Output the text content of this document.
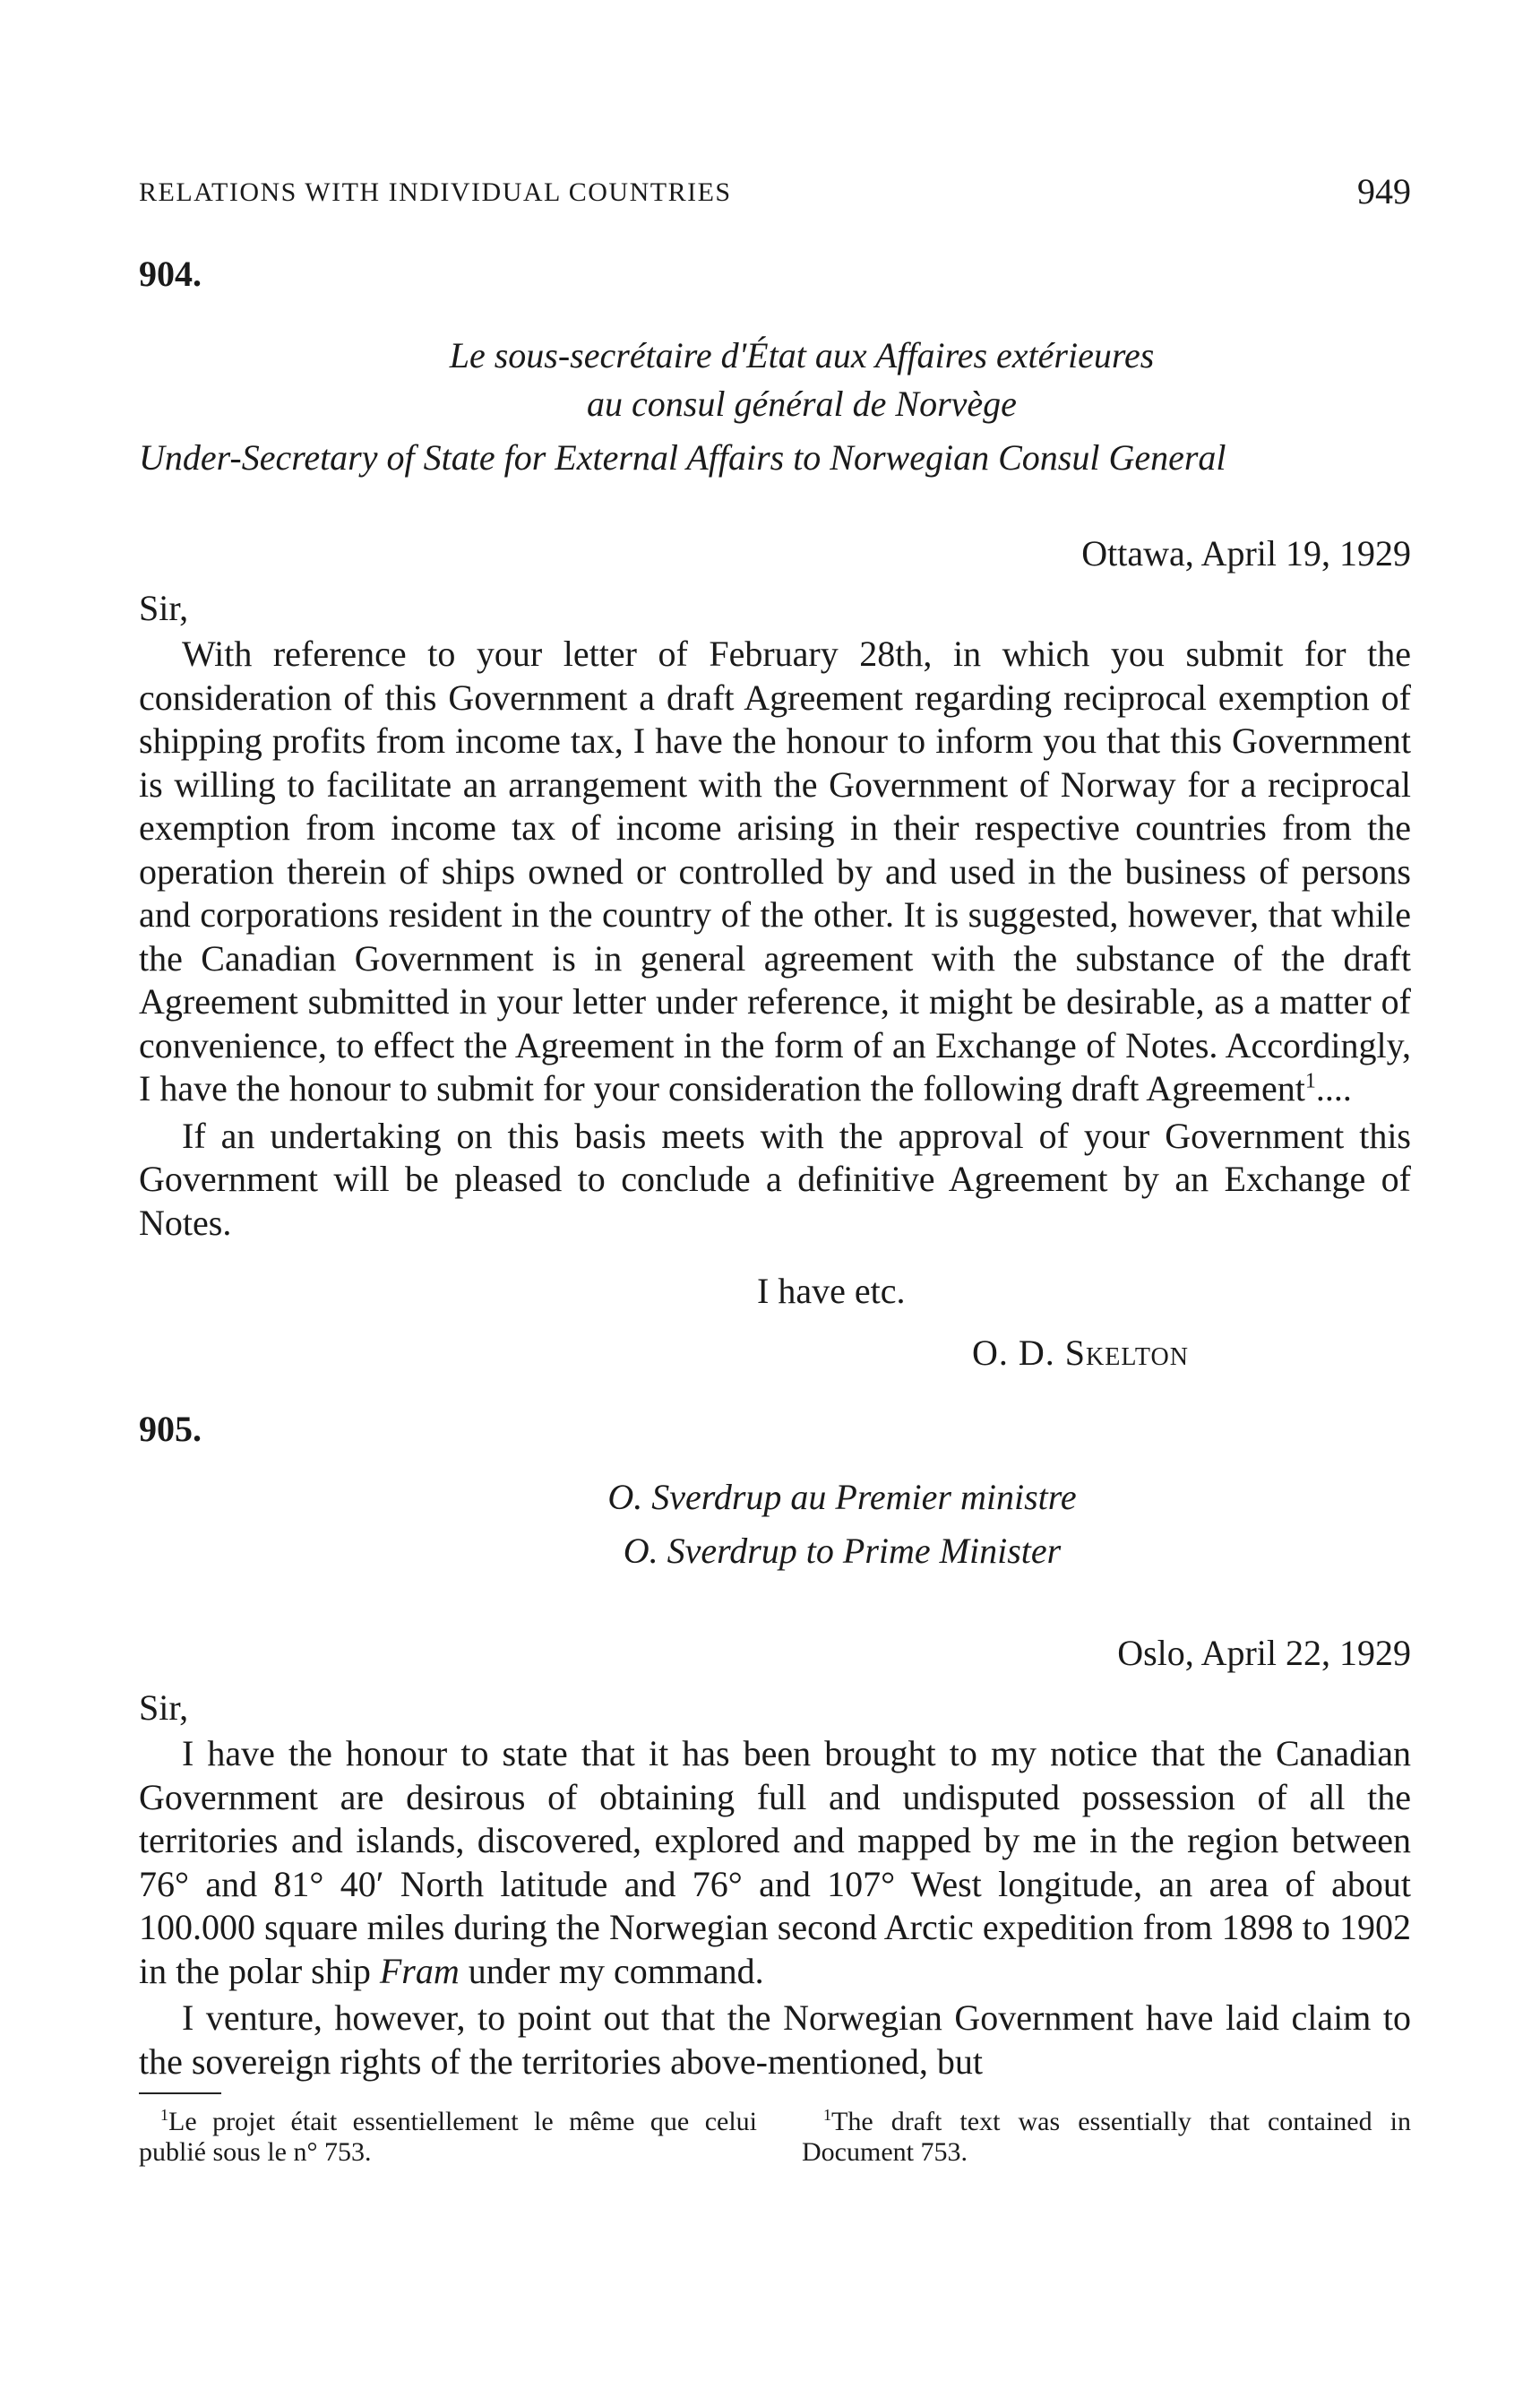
RELATIONS WITH INDIVIDUAL COUNTRIES	949
904.
Le sous-secrétaire d'État aux Affaires extérieures
au consul général de Norvège
Under-Secretary of State for External Affairs to Norwegian Consul General
Ottawa, April 19, 1929
Sir,

With reference to your letter of February 28th, in which you submit for the consideration of this Government a draft Agreement regarding reciprocal exemption of shipping profits from income tax, I have the honour to inform you that this Government is willing to facilitate an arrangement with the Government of Norway for a reciprocal exemption from income tax of income arising in their respective countries from the operation therein of ships owned or controlled by and used in the business of persons and corporations resident in the country of the other. It is suggested, however, that while the Canadian Government is in general agreement with the substance of the draft Agreement submitted in your letter under reference, it might be desirable, as a matter of convenience, to effect the Agreement in the form of an Exchange of Notes. Accordingly, I have the honour to submit for your consideration the following draft Agreement$^1$....

If an undertaking on this basis meets with the approval of your Government this Government will be pleased to conclude a definitive Agreement by an Exchange of Notes.

I have etc.
O. D. Skelton
905.
O. Sverdrup au Premier ministre
O. Sverdrup to Prime Minister
Oslo, April 22, 1929
Sir,

I have the honour to state that it has been brought to my notice that the Canadian Government are desirous of obtaining full and undisputed possession of all the territories and islands, discovered, explored and mapped by me in the region between 76° and 81° 40′ North latitude and 76° and 107° West longitude, an area of about 100.000 square miles during the Norwegian second Arctic expedition from 1898 to 1902 in the polar ship Fram under my command.

I venture, however, to point out that the Norwegian Government have laid claim to the sovereign rights of the territories above-mentioned, but

$^1$Le projet était essentiellement le même que celui publié sous le n° 753.
$^1$The draft text was essentially that contained in Document 753.
